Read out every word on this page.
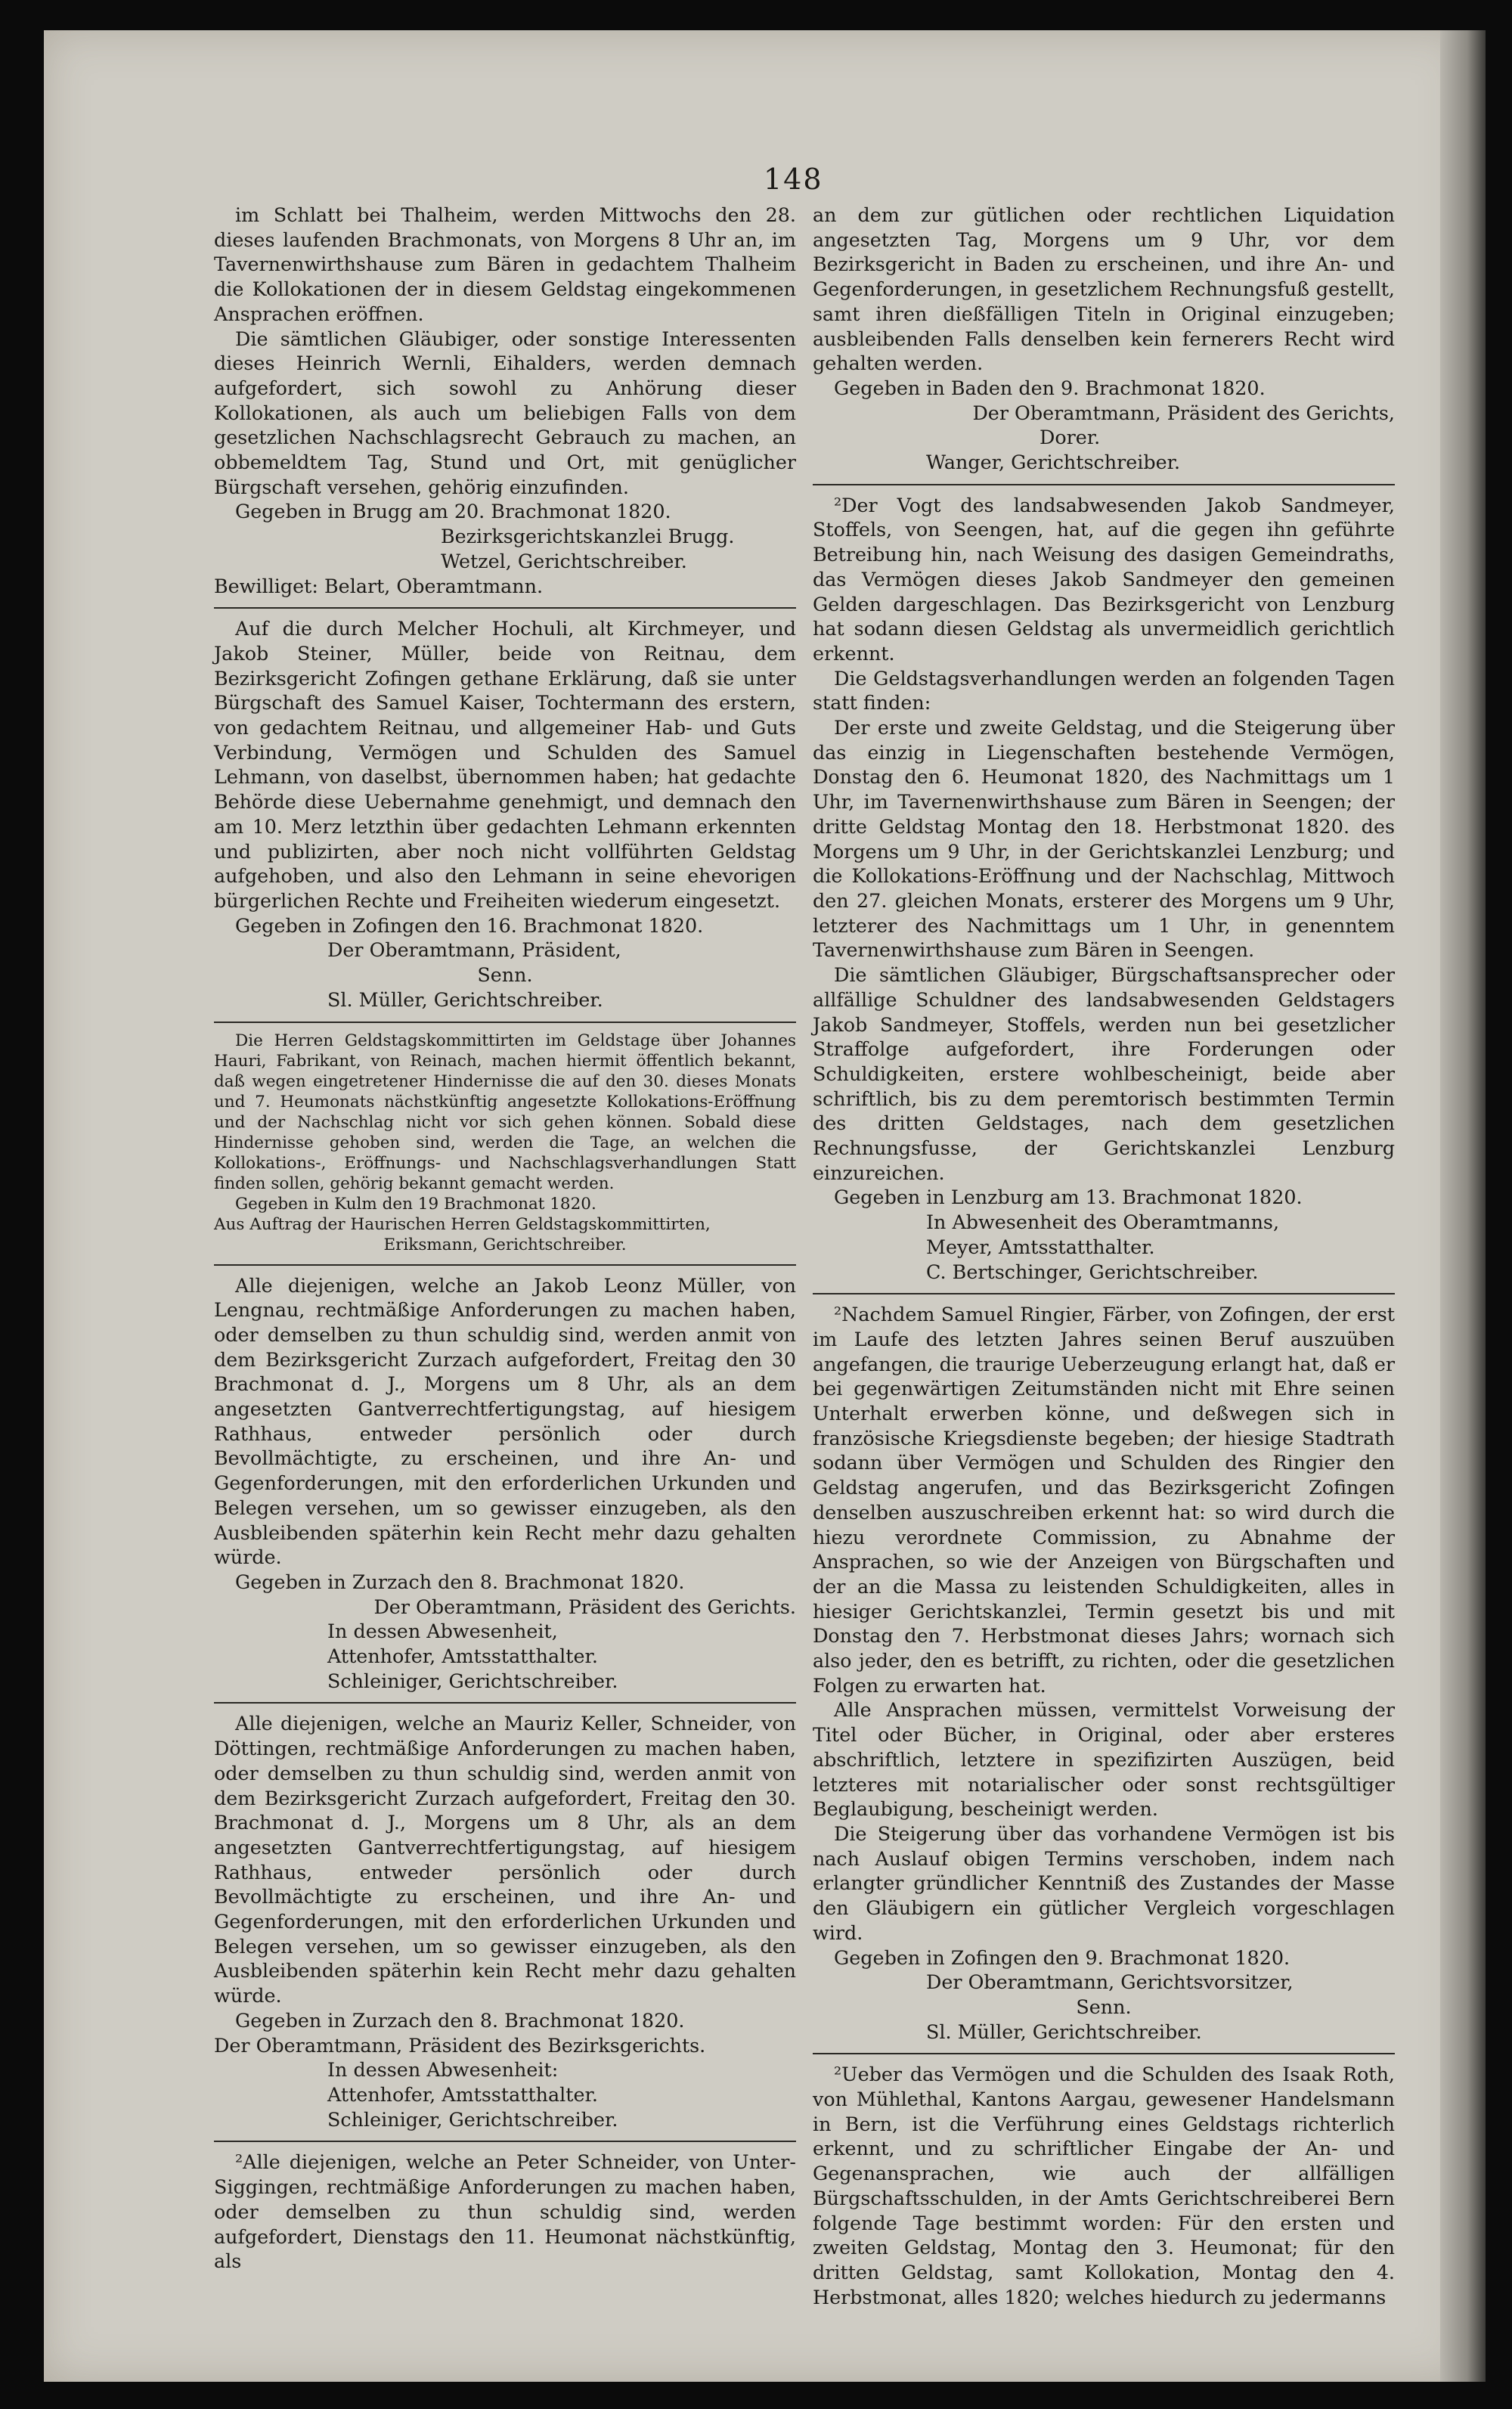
148

im Schlatt bei Thalheim, werden Mittwochs den 28. dieses laufenden Brachmonats, von Morgens 8 Uhr an, im Tavernenwirthshause zum Bären in gedachtem Thalheim die Kollokationen der in diesem Geldstag eingekommenen Ansprachen eröffnen.

Die sämtlichen Gläubiger, oder sonstige Interessenten dieses Heinrich Wernli, Eihalders, werden demnach aufgefordert, sich sowohl zu Anhörung dieser Kollokationen, als auch um beliebigen Falls von dem gesetzlichen Nachschlagsrecht Gebrauch zu machen, an obbemeldtem Tag, Stund und Ort, mit genüglicher Bürgschaft versehen, gehörig einzufinden.

Gegeben in Brugg am 20. Brachmonat 1820.

Bezirksgerichtskanzlei Brugg.

Wetzel, Gerichtschreiber.

Bewilliget: Belart, Oberamtmann.

Auf die durch Melcher Hochuli, alt Kirchmeyer, und Jakob Steiner, Müller, beide von Reitnau, dem Bezirksgericht Zofingen gethane Erklärung, daß sie unter Bürgschaft des Samuel Kaiser, Tochtermann des erstern, von gedachtem Reitnau, und allgemeiner Hab- und Guts Verbindung, Vermögen und Schulden des Samuel Lehmann, von daselbst, übernommen haben; hat gedachte Behörde diese Uebernahme genehmigt, und demnach den am 10. Merz letzthin über gedachten Lehmann erkennten und publizirten, aber noch nicht vollführten Geldstag aufgehoben, und also den Lehmann in seine ehevorigen bürgerlichen Rechte und Freiheiten wiederum eingesetzt.

Gegeben in Zofingen den 16. Brachmonat 1820.

Der Oberamtmann, Präsident,

Senn.

Sl. Müller, Gerichtschreiber.

Die Herren Geldstagskommittirten im Geldstage über Johannes Hauri, Fabrikant, von Reinach, machen hiermit öffentlich bekannt, daß wegen eingetretener Hindernisse die auf den 30. dieses Monats und 7. Heumonats nächstkünftig angesetzte Kollokations-Eröffnung und der Nachschlag nicht vor sich gehen können. Sobald diese Hindernisse gehoben sind, werden die Tage, an welchen die Kollokations-, Eröffnungs- und Nachschlagsverhandlungen Statt finden sollen, gehörig bekannt gemacht werden.

Gegeben in Kulm den 19 Brachmonat 1820.

Aus Auftrag der Haurischen Herren Geldstagskommittirten,

Eriksmann, Gerichtschreiber.

Alle diejenigen, welche an Jakob Leonz Müller, von Lengnau, rechtmäßige Anforderungen zu machen haben, oder demselben zu thun schuldig sind, werden anmit von dem Bezirksgericht Zurzach aufgefordert, Freitag den 30 Brachmonat d. J., Morgens um 8 Uhr, als an dem angesetzten Gantverrechtfertigungstag, auf hiesigem Rathhaus, entweder persönlich oder durch Bevollmächtigte, zu erscheinen, und ihre An- und Gegenforderungen, mit den erforderlichen Urkunden und Belegen versehen, um so gewisser einzugeben, als den Ausbleibenden späterhin kein Recht mehr dazu gehalten würde.

Gegeben in Zurzach den 8. Brachmonat 1820.

Der Oberamtmann, Präsident des Gerichts.

In dessen Abwesenheit,

Attenhofer, Amtsstatthalter.

Schleiniger, Gerichtschreiber.

Alle diejenigen, welche an Mauriz Keller, Schneider, von Döttingen, rechtmäßige Anforderungen zu machen haben, oder demselben zu thun schuldig sind, werden anmit von dem Bezirksgericht Zurzach aufgefordert, Freitag den 30. Brachmonat d. J., Morgens um 8 Uhr, als an dem angesetzten Gantverrechtfertigungstag, auf hiesigem Rathhaus, entweder persönlich oder durch Bevollmächtigte zu erscheinen, und ihre An- und Gegenforderungen, mit den erforderlichen Urkunden und Belegen versehen, um so gewisser einzugeben, als den Ausbleibenden späterhin kein Recht mehr dazu gehalten würde.

Gegeben in Zurzach den 8. Brachmonat 1820.

Der Oberamtmann, Präsident des Bezirksgerichts.

In dessen Abwesenheit:

Attenhofer, Amtsstatthalter.

Schleiniger, Gerichtschreiber.

²Alle diejenigen, welche an Peter Schneider, von Unter-Siggingen, rechtmäßige Anforderungen zu machen haben, oder demselben zu thun schuldig sind, werden aufgefordert, Dienstags den 11. Heumonat nächstkünftig, als

an dem zur gütlichen oder rechtlichen Liquidation angesetzten Tag, Morgens um 9 Uhr, vor dem Bezirksgericht in Baden zu erscheinen, und ihre An- und Gegenforderungen, in gesetzlichem Rechnungsfuß gestellt, samt ihren dießfälligen Titeln in Original einzugeben; ausbleibenden Falls denselben kein fernerers Recht wird gehalten werden.

Gegeben in Baden den 9. Brachmonat 1820.

Der Oberamtmann, Präsident des Gerichts,

Dorer.

Wanger, Gerichtschreiber.

²Der Vogt des landsabwesenden Jakob Sandmeyer, Stoffels, von Seengen, hat, auf die gegen ihn geführte Betreibung hin, nach Weisung des dasigen Gemeindraths, das Vermögen dieses Jakob Sandmeyer den gemeinen Gelden dargeschlagen. Das Bezirksgericht von Lenzburg hat sodann diesen Geldstag als unvermeidlich gerichtlich erkennt.

Die Geldstagsverhandlungen werden an folgenden Tagen statt finden:

Der erste und zweite Geldstag, und die Steigerung über das einzig in Liegenschaften bestehende Vermögen, Donstag den 6. Heumonat 1820, des Nachmittags um 1 Uhr, im Tavernenwirthshause zum Bären in Seengen; der dritte Geldstag Montag den 18. Herbstmonat 1820. des Morgens um 9 Uhr, in der Gerichtskanzlei Lenzburg; und die Kollokations-Eröffnung und der Nachschlag, Mittwoch den 27. gleichen Monats, ersterer des Morgens um 9 Uhr, letzterer des Nachmittags um 1 Uhr, in genenntem Tavernenwirthshause zum Bären in Seengen.

Die sämtlichen Gläubiger, Bürgschaftsansprecher oder allfällige Schuldner des landsabwesenden Geldstagers Jakob Sandmeyer, Stoffels, werden nun bei gesetzlicher Straffolge aufgefordert, ihre Forderungen oder Schuldigkeiten, erstere wohlbescheinigt, beide aber schriftlich, bis zu dem peremtorisch bestimmten Termin des dritten Geldstages, nach dem gesetzlichen Rechnungsfusse, der Gerichtskanzlei Lenzburg einzureichen.

Gegeben in Lenzburg am 13. Brachmonat 1820.

In Abwesenheit des Oberamtmanns,

Meyer, Amtsstatthalter.

C. Bertschinger, Gerichtschreiber.

²Nachdem Samuel Ringier, Färber, von Zofingen, der erst im Laufe des letzten Jahres seinen Beruf auszuüben angefangen, die traurige Ueberzeugung erlangt hat, daß er bei gegenwärtigen Zeitumständen nicht mit Ehre seinen Unterhalt erwerben könne, und deßwegen sich in französische Kriegsdienste begeben; der hiesige Stadtrath sodann über Vermögen und Schulden des Ringier den Geldstag angerufen, und das Bezirksgericht Zofingen denselben auszuschreiben erkennt hat: so wird durch die hiezu verordnete Commission, zu Abnahme der Ansprachen, so wie der Anzeigen von Bürgschaften und der an die Massa zu leistenden Schuldigkeiten, alles in hiesiger Gerichtskanzlei, Termin gesetzt bis und mit Donstag den 7. Herbstmonat dieses Jahrs; wornach sich also jeder, den es betrifft, zu richten, oder die gesetzlichen Folgen zu erwarten hat.

Alle Ansprachen müssen, vermittelst Vorweisung der Titel oder Bücher, in Original, oder aber ersteres abschriftlich, letztere in spezifizirten Auszügen, beid letzteres mit notarialischer oder sonst rechtsgültiger Beglaubigung, bescheinigt werden.

Die Steigerung über das vorhandene Vermögen ist bis nach Auslauf obigen Termins verschoben, indem nach erlangter gründlicher Kenntniß des Zustandes der Masse den Gläubigern ein gütlicher Vergleich vorgeschlagen wird.

Gegeben in Zofingen den 9. Brachmonat 1820.

Der Oberamtmann, Gerichtsvorsitzer,

Senn.

Sl. Müller, Gerichtschreiber.

²Ueber das Vermögen und die Schulden des Isaak Roth, von Mühlethal, Kantons Aargau, gewesener Handelsmann in Bern, ist die Verführung eines Geldstags richterlich erkennt, und zu schriftlicher Eingabe der An- und Gegenansprachen, wie auch der allfälligen Bürgschaftsschulden, in der Amts Gerichtschreiberei Bern folgende Tage bestimmt worden: Für den ersten und zweiten Geldstag, Montag den 3. Heumonat; für den dritten Geldstag, samt Kollokation, Montag den 4. Herbstmonat, alles 1820; welches hiedurch zu jedermanns
